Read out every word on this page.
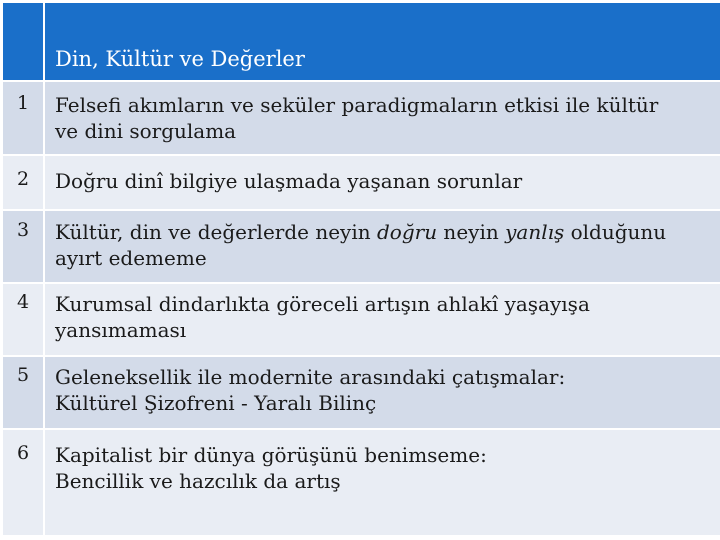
Din, Kültür ve Değerler
1	Felsefi akımların ve seküler paradigmaların etkisi ile kültür
ve dini sorgulama
2	Doğru dinî bilgiye ulaşmada yaşanan sorunlar
3	Kültür, din ve değerlerde neyin doğru neyin yanlış olduğunu
ayırt edememe
4	Kurumsal dindarlıkta göreceli artışın ahlakî yaşayışa
yansımaması
5	Geleneksellik ile modernite arasındaki çatışmalar:
Kültürel Şizofreni - Yaralı Bilinç
6	Kapitalist bir dünya görüşünü benimseme:
Bencillik ve hazcılık da artış
